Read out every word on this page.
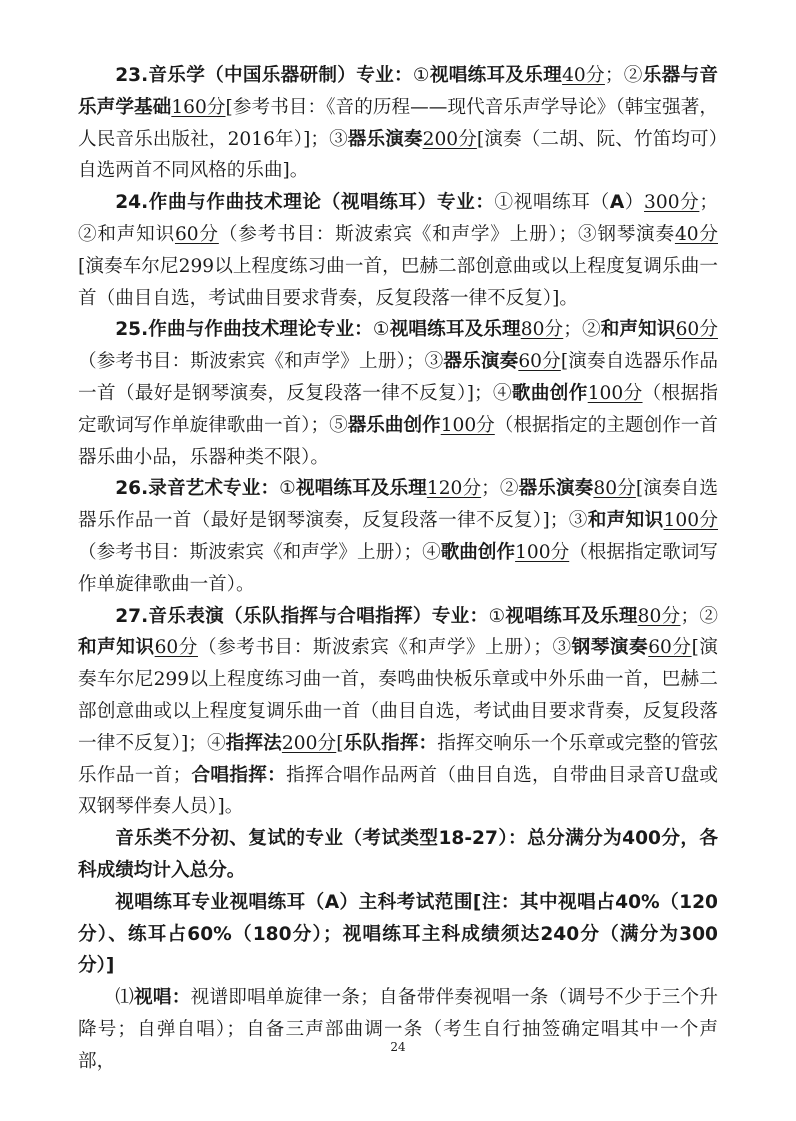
23.音乐学（中国乐器研制）专业：①视唱练耳及乐理40分；②乐器与音乐声学基础160分[参考书目：《音的历程——现代音乐声学导论》（韩宝强著，人民音乐出版社，2016年）]；③器乐演奏200分[演奏（二胡、阮、竹笛均可）自选两首不同风格的乐曲]。

24.作曲与作曲技术理论（视唱练耳）专业：①视唱练耳（A）300分；②和声知识60分（参考书目：斯波索宾《和声学》上册）；③钢琴演奏40分[演奏车尔尼299以上程度练习曲一首，巴赫二部创意曲或以上程度复调乐曲一首（曲目自选，考试曲目要求背奏，反复段落一律不反复）]。

25.作曲与作曲技术理论专业：①视唱练耳及乐理80分；②和声知识60分（参考书目：斯波索宾《和声学》上册）；③器乐演奏60分[演奏自选器乐作品一首（最好是钢琴演奏，反复段落一律不反复）]；④歌曲创作100分（根据指定歌词写作单旋律歌曲一首）；⑤器乐曲创作100分（根据指定的主题创作一首器乐曲小品，乐器种类不限）。

26.录音艺术专业：①视唱练耳及乐理120分；②器乐演奏80分[演奏自选器乐作品一首（最好是钢琴演奏，反复段落一律不反复）]；③和声知识100分（参考书目：斯波索宾《和声学》上册）；④歌曲创作100分（根据指定歌词写作单旋律歌曲一首）。

27.音乐表演（乐队指挥与合唱指挥）专业：①视唱练耳及乐理80分；②和声知识60分（参考书目：斯波索宾《和声学》上册）；③钢琴演奏60分[演奏车尔尼299以上程度练习曲一首，奏鸣曲快板乐章或中外乐曲一首，巴赫二部创意曲或以上程度复调乐曲一首（曲目自选，考试曲目要求背奏，反复段落一律不反复）]；④指挥法200分[乐队指挥：指挥交响乐一个乐章或完整的管弦乐作品一首；合唱指挥：指挥合唱作品两首（曲目自选，自带曲目录音U盘或双钢琴伴奏人员）]。

音乐类不分初、复试的专业（考试类型18-27）：总分满分为400分，各科成绩均计入总分。

视唱练耳专业视唱练耳（A）主科考试范围[注：其中视唱占40%（120分）、练耳占60%（180分）；视唱练耳主科成绩须达240分（满分为300分）]

⑴视唱：视谱即唱单旋律一条；自备带伴奏视唱一条（调号不少于三个升降号；自弹自唱）；自备三声部曲调一条（考生自行抽签确定唱其中一个声部，

24
